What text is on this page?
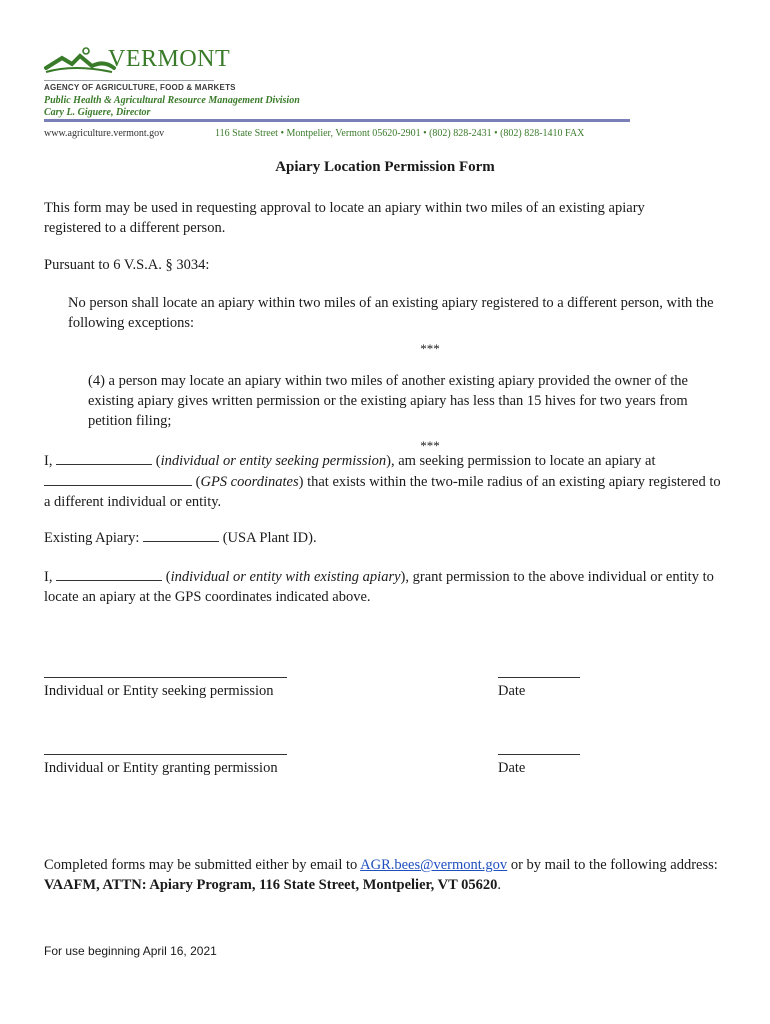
VERMONT
AGENCY OF AGRICULTURE, FOOD & MARKETS
Public Health & Agricultural Resource Management Division
Cary L. Giguere, Director
www.agriculture.vermont.gov	116 State Street • Montpelier, Vermont 05620-2901 • (802) 828-2431 • (802) 828-1410 FAX
Apiary Location Permission Form
This form may be used in requesting approval to locate an apiary within two miles of an existing apiary registered to a different person.
Pursuant to 6 V.S.A. § 3034:
No person shall locate an apiary within two miles of an existing apiary registered to a different person, with the following exceptions:
***
(4) a person may locate an apiary within two miles of another existing apiary provided the owner of the existing apiary gives written permission or the existing apiary has less than 15 hives for two years from petition filing;
***
I,	(individual or entity seeking permission), am seeking permission to locate an apiary at
(GPS coordinates) that exists within the two-mile radius of an existing apiary registered to a different individual or entity.
Existing Apiary:	(USA Plant ID).
I,	(individual or entity with existing apiary), grant permission to the above individual or entity to locate an apiary at the GPS coordinates indicated above.
Individual or Entity seeking permission	Date
Individual or Entity granting permission	Date
Completed forms may be submitted either by email to AGR.bees@vermont.gov or by mail to the following address: VAAFM, ATTN: Apiary Program, 116 State Street, Montpelier, VT 05620.
For use beginning April 16, 2021
